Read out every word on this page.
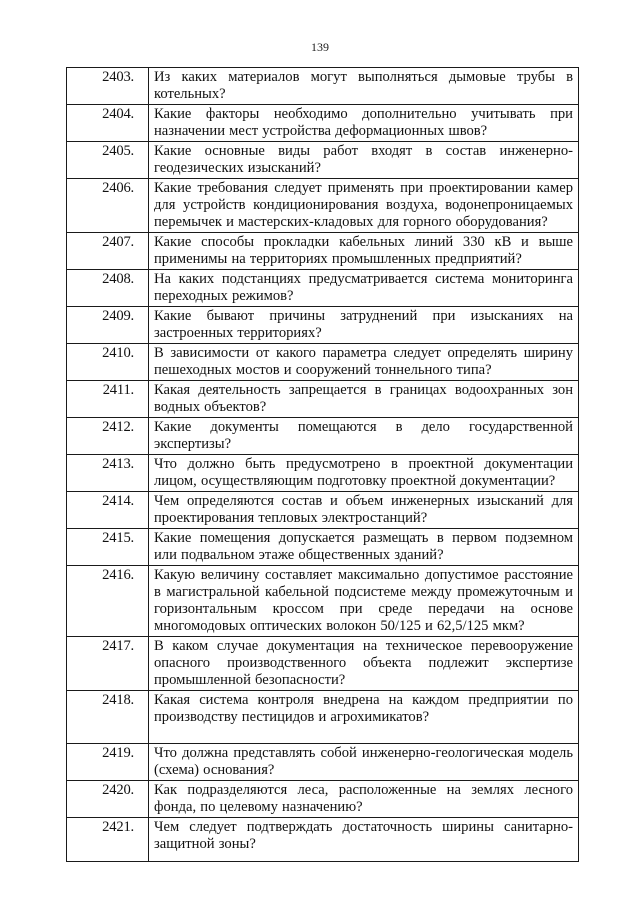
139
2403.	Из каких материалов могут выполняться дымовые трубы в котельных?
2404.	Какие факторы необходимо дополнительно учитывать при назначении мест устройства деформационных швов?
2405.	Какие основные виды работ входят в состав инженерно-геодезических изысканий?
2406.	Какие требования следует применять при проектировании камер для устройств кондиционирования воздуха, водонепроницаемых перемычек и мастерских-кладовых для горного оборудования?
2407.	Какие способы прокладки кабельных линий 330 кВ и выше применимы на территориях промышленных предприятий?
2408.	На каких подстанциях предусматривается система мониторинга переходных режимов?
2409.	Какие бывают причины затруднений при изысканиях на застроенных территориях?
2410.	В зависимости от какого параметра следует определять ширину пешеходных мостов и сооружений тоннельного типа?
2411.	Какая деятельность запрещается в границах водоохранных зон водных объектов?
2412.	Какие документы помещаются в дело государственной экспертизы?
2413.	Что должно быть предусмотрено в проектной документации лицом, осуществляющим подготовку проектной документации?
2414.	Чем определяются состав и объем инженерных изысканий для проектирования тепловых электростанций?
2415.	Какие помещения допускается размещать в первом подземном или подвальном этаже общественных зданий?
2416.	Какую величину составляет максимально допустимое расстояние в магистральной кабельной подсистеме между промежуточным и горизонтальным кроссом при среде передачи на основе многомодовых оптических волокон 50/125 и 62,5/125 мкм?
2417.	В каком случае документация на техническое перевооружение опасного производственного объекта подлежит экспертизе промышленной безопасности?
2418.	Какая система контроля внедрена на каждом предприятии по производству пестицидов и агрохимикатов?
2419.	Что должна представлять собой инженерно-геологическая модель (схема) основания?
2420.	Как подразделяются леса, расположенные на землях лесного фонда, по целевому назначению?
2421.	Чем следует подтверждать достаточность ширины санитарно-защитной зоны?
